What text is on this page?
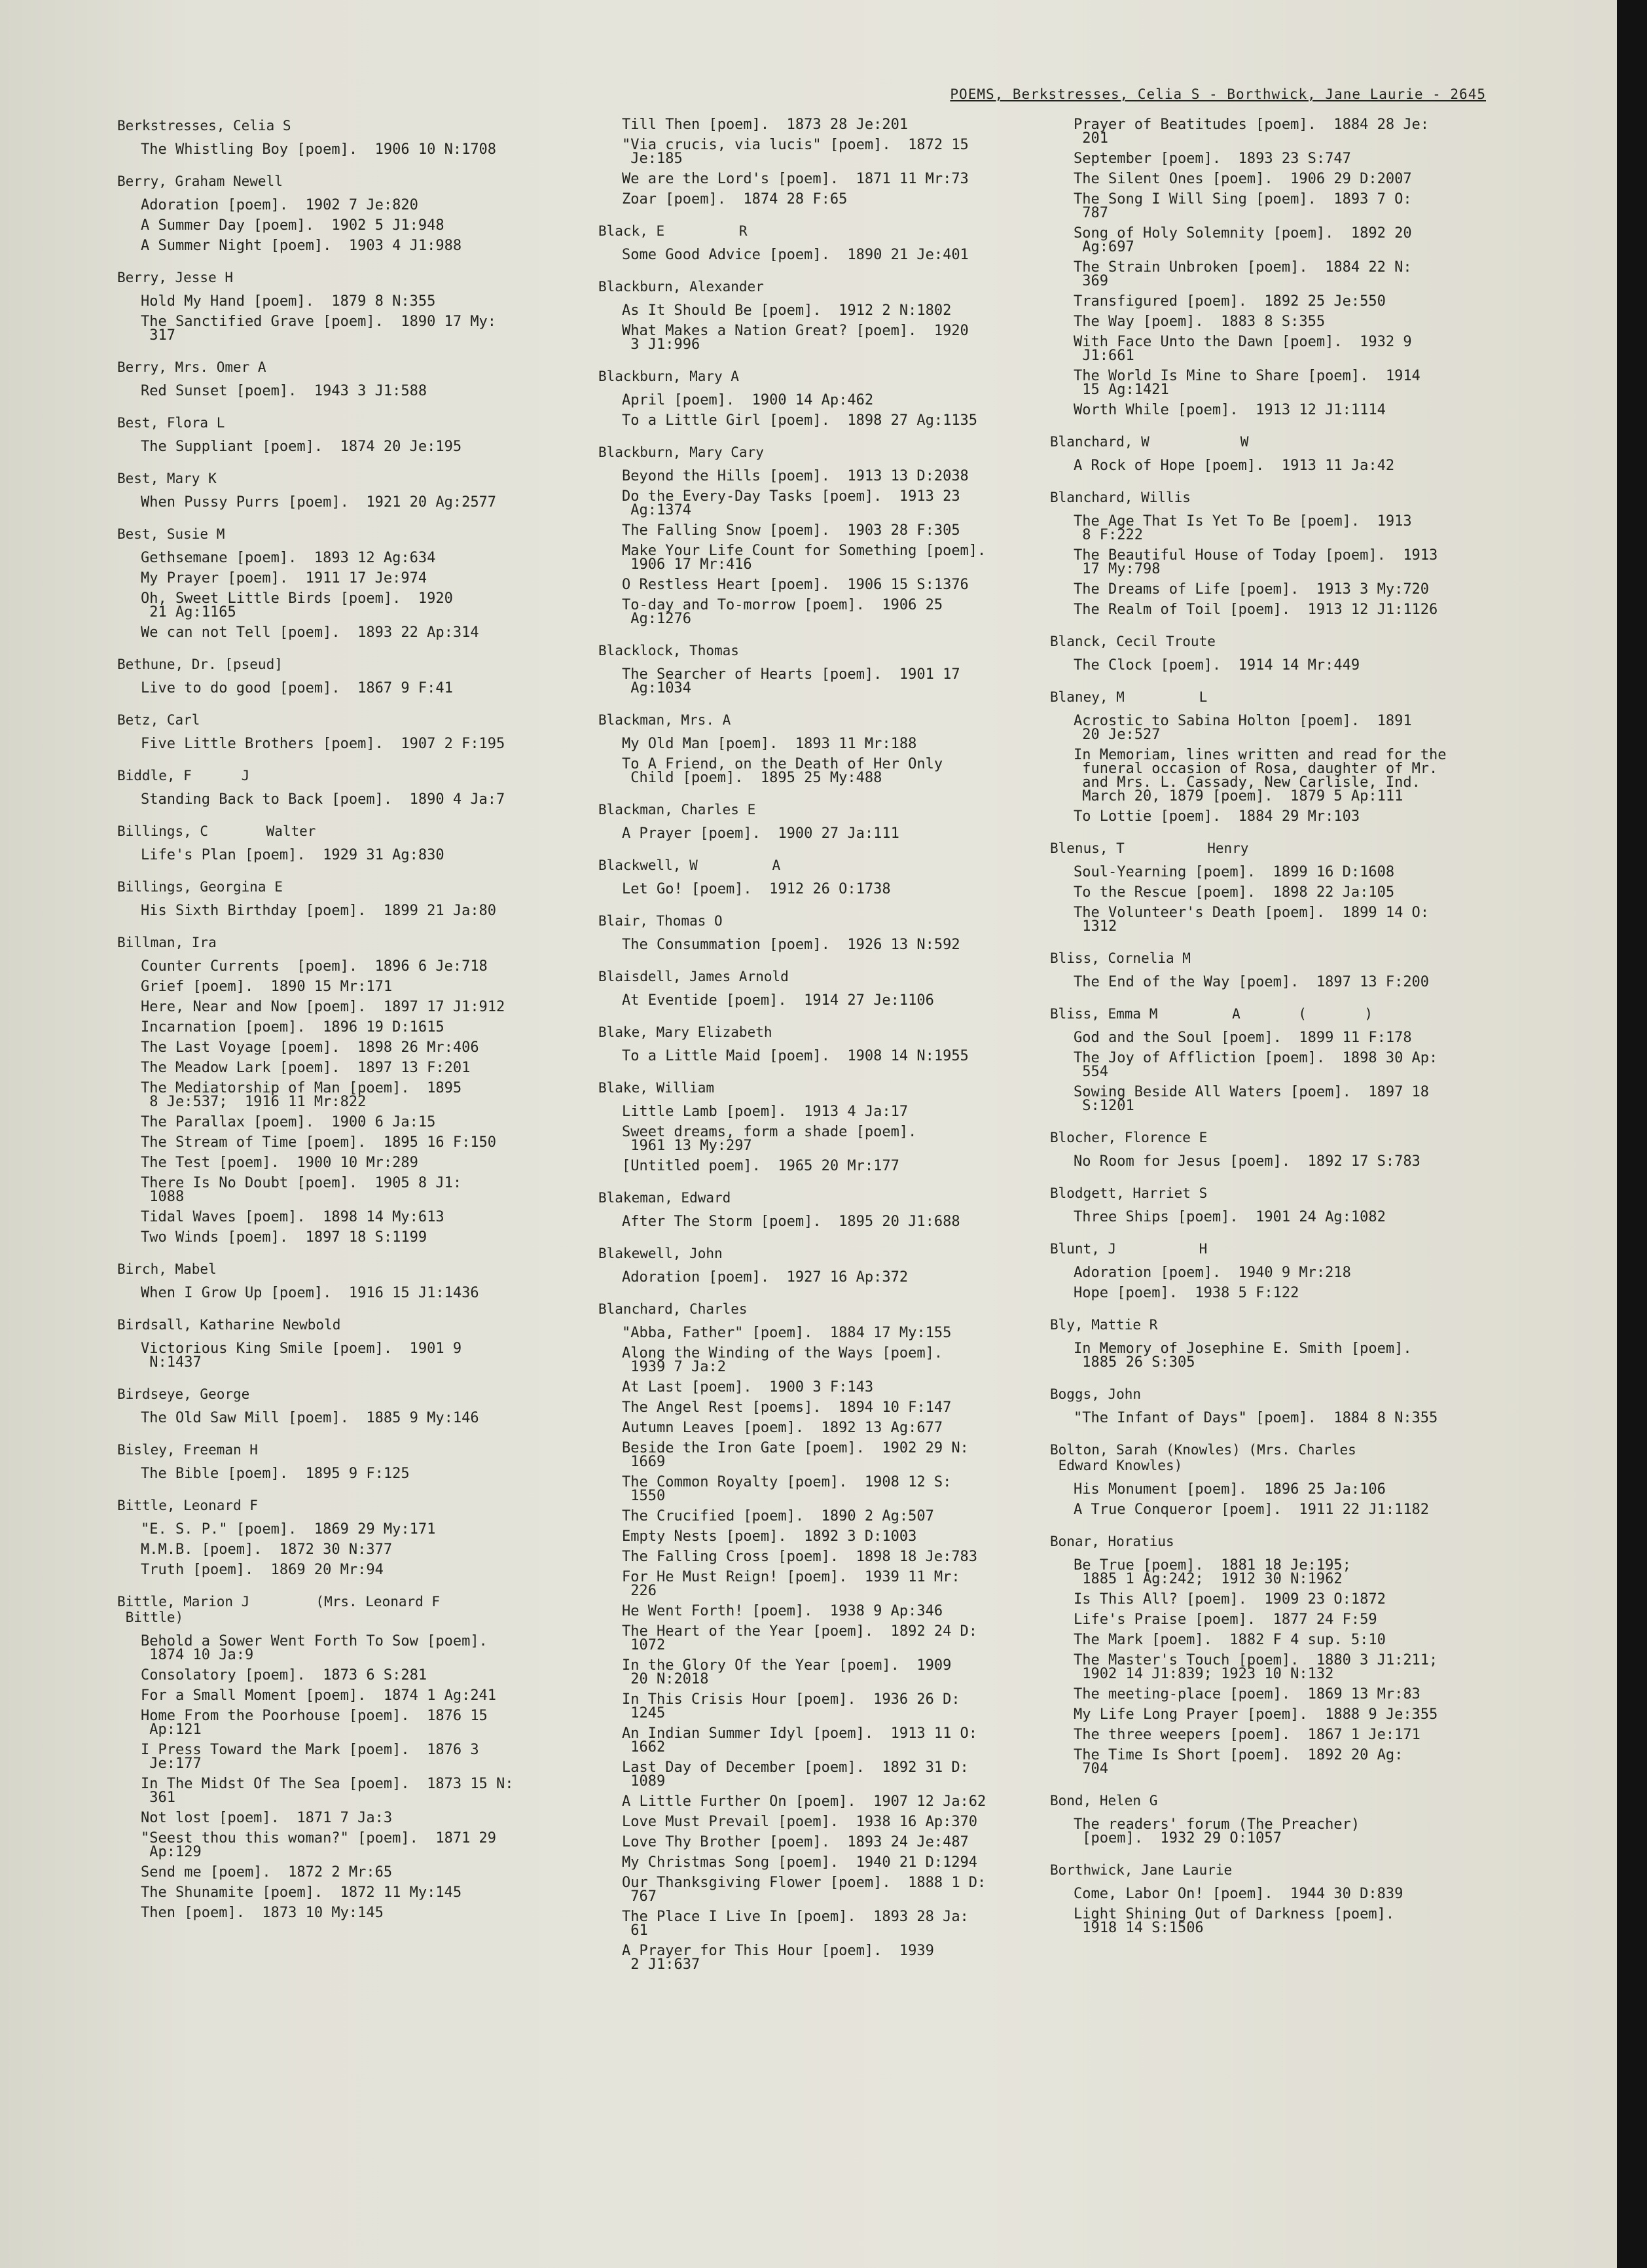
POEMS, Berkstresses, Celia S - Borthwick, Jane Laurie - 2645
Berkstresses, Celia S
The Whistling Boy [poem].  1906 10 N:1708
Berry, Graham Newell
Adoration [poem].  1902 7 Je:820
A Summer Day [poem].  1902 5 J1:948
A Summer Night [poem].  1903 4 J1:988
Berry, Jesse H
Hold My Hand [poem].  1879 8 N:355
The Sanctified Grave [poem].  1890 17 My:
317
Berry, Mrs. Omer A
Red Sunset [poem].  1943 3 J1:588
Best, Flora L
The Suppliant [poem].  1874 20 Je:195
Best, Mary K
When Pussy Purrs [poem].  1921 20 Ag:2577
Best, Susie M
Gethsemane [poem].  1893 12 Ag:634
My Prayer [poem].  1911 17 Je:974
Oh, Sweet Little Birds [poem].  1920
21 Ag:1165
We can not Tell [poem].  1893 22 Ap:314
Bethune, Dr. [pseud]
Live to do good [poem].  1867 9 F:41
Betz, Carl
Five Little Brothers [poem].  1907 2 F:195
Biddle, F      J
Standing Back to Back [poem].  1890 4 Ja:7
Billings, C       Walter
Life's Plan [poem].  1929 31 Ag:830
Billings, Georgina E
His Sixth Birthday [poem].  1899 21 Ja:80
Billman, Ira
Counter Currents  [poem].  1896 6 Je:718
Grief [poem].  1890 15 Mr:171
Here, Near and Now [poem].  1897 17 J1:912
Incarnation [poem].  1896 19 D:1615
The Last Voyage [poem].  1898 26 Mr:406
The Meadow Lark [poem].  1897 13 F:201
The Mediatorship of Man [poem].  1895
8 Je:537;  1916 11 Mr:822
The Parallax [poem].  1900 6 Ja:15
The Stream of Time [poem].  1895 16 F:150
The Test [poem].  1900 10 Mr:289
There Is No Doubt [poem].  1905 8 J1:
1088
Tidal Waves [poem].  1898 14 My:613
Two Winds [poem].  1897 18 S:1199
Birch, Mabel
When I Grow Up [poem].  1916 15 J1:1436
Birdsall, Katharine Newbold
Victorious King Smile [poem].  1901 9
N:1437
Birdseye, George
The Old Saw Mill [poem].  1885 9 My:146
Bisley, Freeman H
The Bible [poem].  1895 9 F:125
Bittle, Leonard F
"E. S. P." [poem].  1869 29 My:171
M.M.B. [poem].  1872 30 N:377
Truth [poem].  1869 20 Mr:94
Bittle, Marion J        (Mrs. Leonard F
Bittle)
Behold a Sower Went Forth To Sow [poem].
1874 10 Ja:9
Consolatory [poem].  1873 6 S:281
For a Small Moment [poem].  1874 1 Ag:241
Home From the Poorhouse [poem].  1876 15
Ap:121
I Press Toward the Mark [poem].  1876 3
Je:177
In The Midst Of The Sea [poem].  1873 15 N:
361
Not lost [poem].  1871 7 Ja:3
"Seest thou this woman?" [poem].  1871 29
Ap:129
Send me [poem].  1872 2 Mr:65
The Shunamite [poem].  1872 11 My:145
Then [poem].  1873 10 My:145
Till Then [poem].  1873 28 Je:201
"Via crucis, via lucis" [poem].  1872 15
Je:185
We are the Lord's [poem].  1871 11 Mr:73
Zoar [poem].  1874 28 F:65
Black, E         R
Some Good Advice [poem].  1890 21 Je:401
Blackburn, Alexander
As It Should Be [poem].  1912 2 N:1802
What Makes a Nation Great? [poem].  1920
3 J1:996
Blackburn, Mary A
April [poem].  1900 14 Ap:462
To a Little Girl [poem].  1898 27 Ag:1135
Blackburn, Mary Cary
Beyond the Hills [poem].  1913 13 D:2038
Do the Every-Day Tasks [poem].  1913 23
Ag:1374
The Falling Snow [poem].  1903 28 F:305
Make Your Life Count for Something [poem].
1906 17 Mr:416
O Restless Heart [poem].  1906 15 S:1376
To-day and To-morrow [poem].  1906 25
Ag:1276
Blacklock, Thomas
The Searcher of Hearts [poem].  1901 17
Ag:1034
Blackman, Mrs. A
My Old Man [poem].  1893 11 Mr:188
To A Friend, on the Death of Her Only
Child [poem].  1895 25 My:488
Blackman, Charles E
A Prayer [poem].  1900 27 Ja:111
Blackwell, W         A
Let Go! [poem].  1912 26 O:1738
Blair, Thomas O
The Consummation [poem].  1926 13 N:592
Blaisdell, James Arnold
At Eventide [poem].  1914 27 Je:1106
Blake, Mary Elizabeth
To a Little Maid [poem].  1908 14 N:1955
Blake, William
Little Lamb [poem].  1913 4 Ja:17
Sweet dreams, form a shade [poem].
1961 13 My:297
[Untitled poem].  1965 20 Mr:177
Blakeman, Edward
After The Storm [poem].  1895 20 J1:688
Blakewell, John
Adoration [poem].  1927 16 Ap:372
Blanchard, Charles
"Abba, Father" [poem].  1884 17 My:155
Along the Winding of the Ways [poem].
1939 7 Ja:2
At Last [poem].  1900 3 F:143
The Angel Rest [poems].  1894 10 F:147
Autumn Leaves [poem].  1892 13 Ag:677
Beside the Iron Gate [poem].  1902 29 N:
1669
The Common Royalty [poem].  1908 12 S:
1550
The Crucified [poem].  1890 2 Ag:507
Empty Nests [poem].  1892 3 D:1003
The Falling Cross [poem].  1898 18 Je:783
For He Must Reign! [poem].  1939 11 Mr:
226
He Went Forth! [poem].  1938 9 Ap:346
The Heart of the Year [poem].  1892 24 D:
1072
In the Glory Of the Year [poem].  1909
20 N:2018
In This Crisis Hour [poem].  1936 26 D:
1245
An Indian Summer Idyl [poem].  1913 11 O:
1662
Last Day of December [poem].  1892 31 D:
1089
A Little Further On [poem].  1907 12 Ja:62
Love Must Prevail [poem].  1938 16 Ap:370
Love Thy Brother [poem].  1893 24 Je:487
My Christmas Song [poem].  1940 21 D:1294
Our Thanksgiving Flower [poem].  1888 1 D:
767
The Place I Live In [poem].  1893 28 Ja:
61
A Prayer for This Hour [poem].  1939
2 J1:637
Prayer of Beatitudes [poem].  1884 28 Je:
201
September [poem].  1893 23 S:747
The Silent Ones [poem].  1906 29 D:2007
The Song I Will Sing [poem].  1893 7 O:
787
Song of Holy Solemnity [poem].  1892 20
Ag:697
The Strain Unbroken [poem].  1884 22 N:
369
Transfigured [poem].  1892 25 Je:550
The Way [poem].  1883 8 S:355
With Face Unto the Dawn [poem].  1932 9
J1:661
The World Is Mine to Share [poem].  1914
15 Ag:1421
Worth While [poem].  1913 12 J1:1114
Blanchard, W           W
A Rock of Hope [poem].  1913 11 Ja:42
Blanchard, Willis
The Age That Is Yet To Be [poem].  1913
8 F:222
The Beautiful House of Today [poem].  1913
17 My:798
The Dreams of Life [poem].  1913 3 My:720
The Realm of Toil [poem].  1913 12 J1:1126
Blanck, Cecil Troute
The Clock [poem].  1914 14 Mr:449
Blaney, M         L
Acrostic to Sabina Holton [poem].  1891
20 Je:527
In Memoriam, lines written and read for the
funeral occasion of Rosa, daughter of Mr.
and Mrs. L. Cassady, New Carlisle, Ind.
March 20, 1879 [poem].  1879 5 Ap:111
To Lottie [poem].  1884 29 Mr:103
Blenus, T          Henry
Soul-Yearning [poem].  1899 16 D:1608
To the Rescue [poem].  1898 22 Ja:105
The Volunteer's Death [poem].  1899 14 O:
1312
Bliss, Cornelia M
The End of the Way [poem].  1897 13 F:200
Bliss, Emma M         A       (       )
God and the Soul [poem].  1899 11 F:178
The Joy of Affliction [poem].  1898 30 Ap:
554
Sowing Beside All Waters [poem].  1897 18
S:1201
Blocher, Florence E
No Room for Jesus [poem].  1892 17 S:783
Blodgett, Harriet S
Three Ships [poem].  1901 24 Ag:1082
Blunt, J          H
Adoration [poem].  1940 9 Mr:218
Hope [poem].  1938 5 F:122
Bly, Mattie R
In Memory of Josephine E. Smith [poem].
1885 26 S:305
Boggs, John
"The Infant of Days" [poem].  1884 8 N:355
Bolton, Sarah (Knowles) (Mrs. Charles
Edward Knowles)
His Monument [poem].  1896 25 Ja:106
A True Conqueror [poem].  1911 22 J1:1182
Bonar, Horatius
Be True [poem].  1881 18 Je:195;
1885 1 Ag:242;  1912 30 N:1962
Is This All? [poem].  1909 23 O:1872
Life's Praise [poem].  1877 24 F:59
The Mark [poem].  1882 F 4 sup. 5:10
The Master's Touch [poem].  1880 3 J1:211;
1902 14 J1:839; 1923 10 N:132
The meeting-place [poem].  1869 13 Mr:83
My Life Long Prayer [poem].  1888 9 Je:355
The three weepers [poem].  1867 1 Je:171
The Time Is Short [poem].  1892 20 Ag:
704
Bond, Helen G
The readers' forum (The Preacher)
[poem].  1932 29 O:1057
Borthwick, Jane Laurie
Come, Labor On! [poem].  1944 30 D:839
Light Shining Out of Darkness [poem].
1918 14 S:1506
